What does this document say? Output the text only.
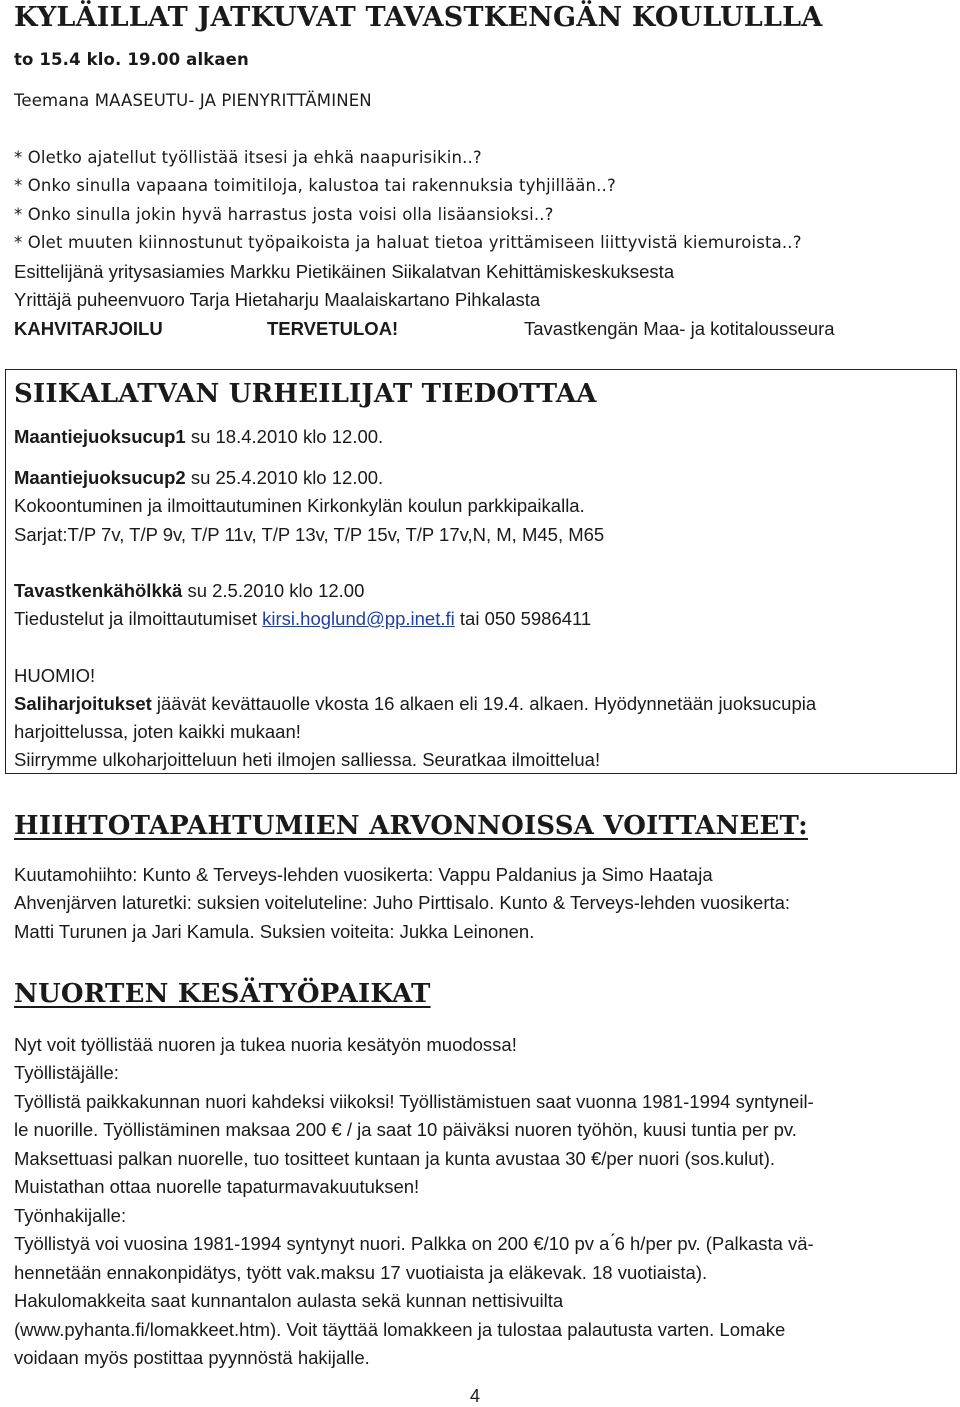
KYLÄILLAT JATKUVAT TAVASTKENGÄN KOULULLLA
to 15.4 klo. 19.00 alkaen
Teemana MAASEUTU- JA PIENYRITTÄMINEN
* Oletko ajatellut työllistää itsesi ja ehkä naapurisikin..?
* Onko sinulla vapaana toimitiloja, kalustoa tai rakennuksia tyhjillään..?
* Onko sinulla jokin hyvä harrastus josta voisi olla lisäansioksi..?
* Olet muuten kiinnostunut työpaikoista ja haluat tietoa yrittämiseen liittyvistä kiemuroista..?
Esittelijänä yritysasiamies Markku Pietikäinen Siikalatvan Kehittämiskeskuksesta
Yrittäjä puheenvuoro Tarja Hietaharju Maalaiskartano Pihkalasta
KAHVITARJOILU	TERVETULOA!	Tavastkengän Maa- ja kotitalousseura
SIIKALATVAN URHEILIJAT TIEDOTTAA
Maantiejuoksucup1 su 18.4.2010 klo 12.00.
Maantiejuoksucup2 su 25.4.2010 klo 12.00.
Kokoontuminen ja ilmoittautuminen Kirkonkylän koulun parkkipaikalla.
Sarjat:T/P 7v, T/P 9v, T/P 11v, T/P 13v, T/P 15v, T/P 17v,N, M, M45, M65
Tavastkenkähölkkä su 2.5.2010 klo 12.00
Tiedustelut ja ilmoittautumiset kirsi.hoglund@pp.inet.fi tai 050 5986411
HUOMIO!
Saliharjoitukset jäävät kevättauolle vkosta 16 alkaen eli 19.4. alkaen. Hyödynnetään juoksucupia
harjoittelussa, joten kaikki mukaan!
Siirrymme ulkoharjoitteluun heti ilmojen salliessa. Seuratkaa ilmoittelua!
HIIHTOTAPAHTUMIEN ARVONNOISSA VOITTANEET:
Kuutamohiihto: Kunto & Terveys-lehden vuosikerta: Vappu Paldanius ja Simo Haataja
Ahvenjärven laturetki: suksien voiteluteline: Juho Pirttisalo. Kunto & Terveys-lehden vuosikerta:
Matti Turunen ja Jari Kamula. Suksien voiteita: Jukka Leinonen.
NUORTEN KESÄTYÖPAIKAT
Nyt voit työllistää nuoren ja tukea nuoria kesätyön muodossa!
Työllistäjälle:
Työllistä paikkakunnan nuori kahdeksi viikoksi! Työllistämistuen saat vuonna 1981-1994 syntyneil-
le nuorille. Työllistäminen maksaa 200 € / ja saat 10 päiväksi nuoren työhön, kuusi tuntia per pv.
Maksettuasi palkan nuorelle, tuo tositteet kuntaan ja kunta avustaa 30 €/per nuori (sos.kulut).
Muistathan ottaa nuorelle tapaturmavakuutuksen!
Työnhakijalle:
Työllistyä voi vuosina 1981-1994 syntynyt nuori. Palkka on 200 €/10 pv a ́6 h/per pv. (Palkasta vä-
hennetään ennakonpidätys, tyött vak.maksu 17 vuotiaista ja eläkevak. 18 vuotiaista).
Hakulomakkeita saat kunnantalon aulasta sekä kunnan nettisivuilta
(www.pyhanta.fi/lomakkeet.htm). Voit täyttää lomakkeen ja tulostaa palautusta varten. Lomake
voidaan myös postittaa pyynnöstä hakijalle.
4
